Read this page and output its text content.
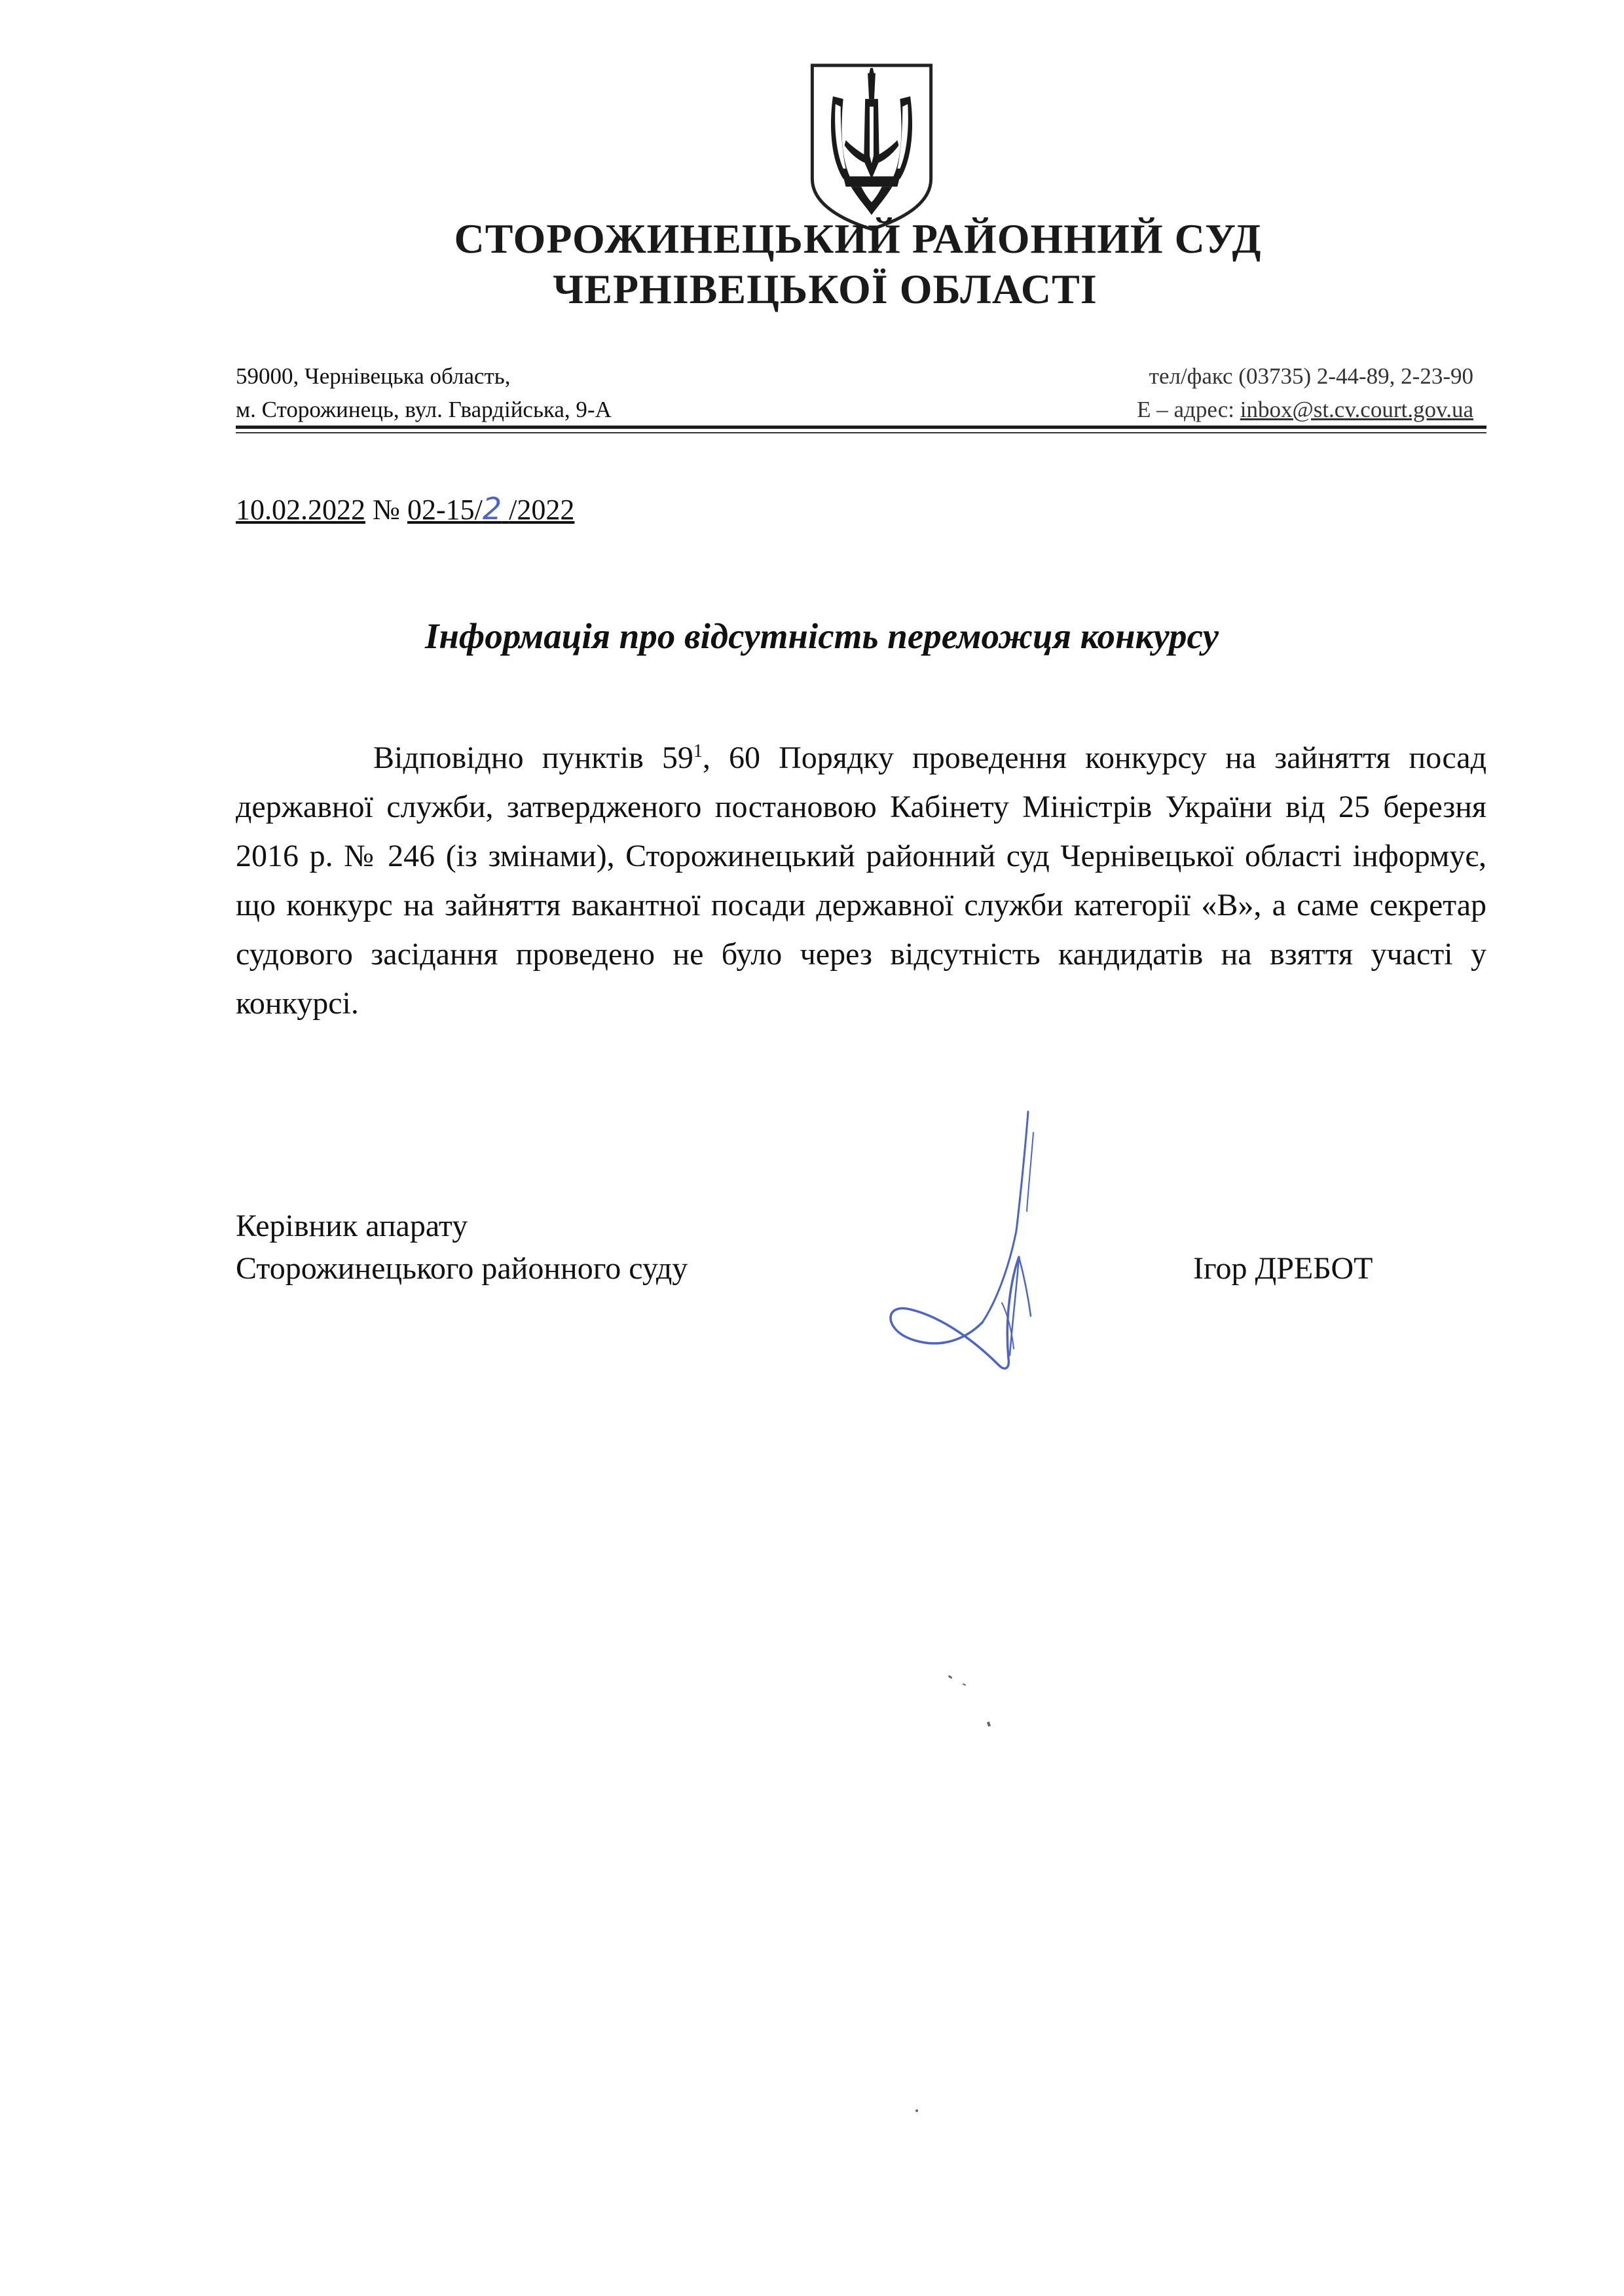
СТОРОЖИНЕЦЬКИЙ РАЙОННИЙ СУД
ЧЕРНІВЕЦЬКОЇ ОБЛАСТІ
59000, Чернівецька область,
м. Сторожинець, вул. Гвардійська, 9-А
тел/факс (03735) 2-44-89, 2-23-90
E – адрес: inbox@st.cv.court.gov.ua
10.02.2022 № 02-15/2 /2022
Інформація про відсутність переможця конкурсу
Відповідно пунктів $59^1$, 60 Порядку проведення конкурсу на зайняття посад державної служби, затвердженого постановою Кабінету Міністрів України від 25 березня 2016 р. № 246 (із змінами), Сторожинецький районний суд Чернівецької області інформує, що конкурс на зайняття вакантної посади державної служби категорії «В», а саме секретар судового засідання проведено не було через відсутність кандидатів на взяття участі у конкурсі.
Керівник апарату
Сторожинецького районного суду	Ігор ДРЕБОТ
